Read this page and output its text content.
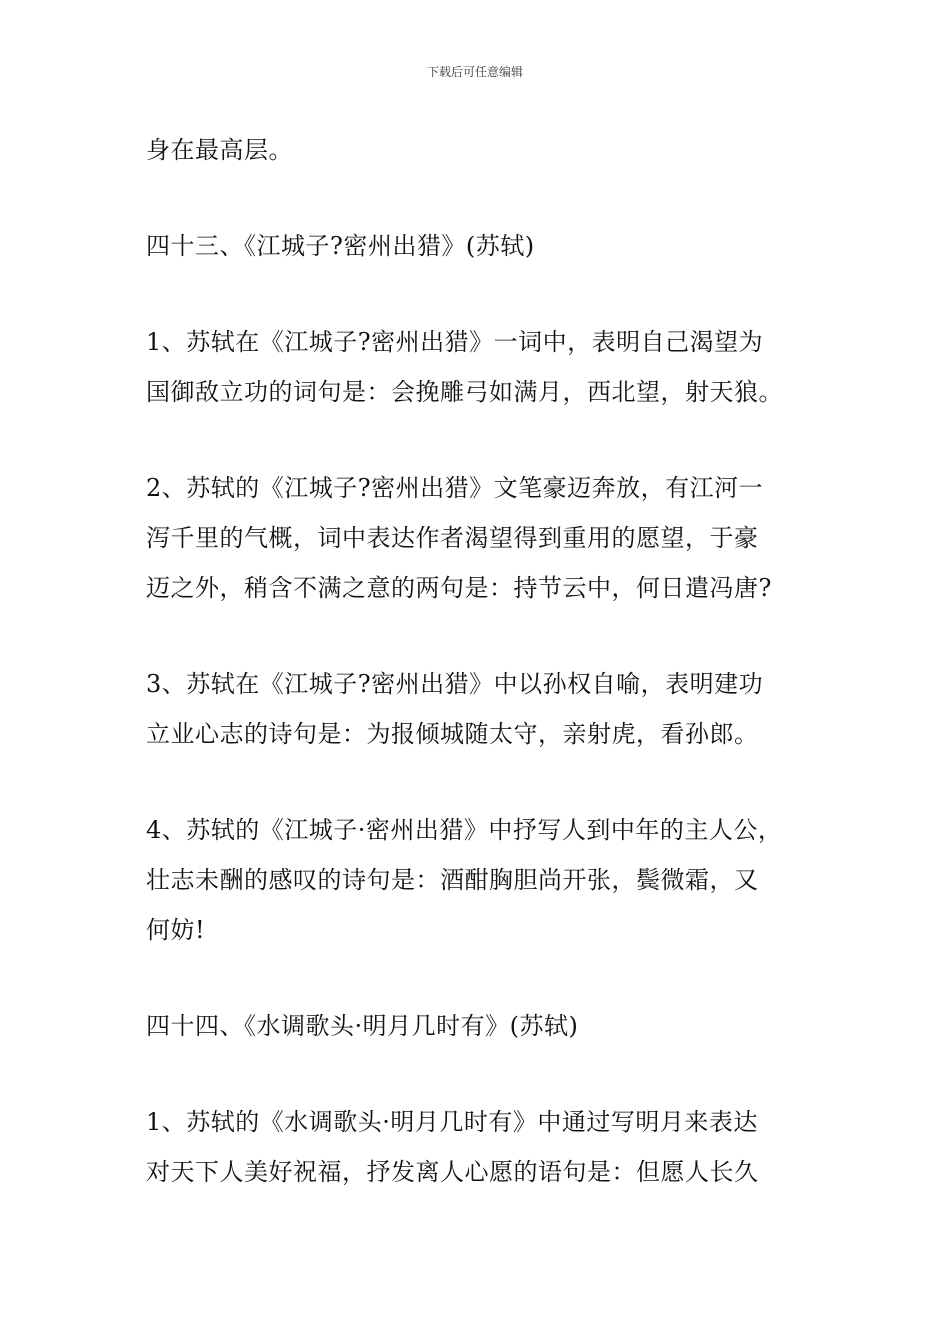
下载后可任意编辑

身在最高层。

四十三、《江城子?密州出猎》(苏轼)

1、苏轼在《江城子?密州出猎》一词中，表明自己渴望为
国御敌立功的词句是：会挽雕弓如满月，西北望，射天狼。

2、苏轼的《江城子?密州出猎》文笔豪迈奔放，有江河一
泻千里的气概，词中表达作者渴望得到重用的愿望，于豪
迈之外，稍含不满之意的两句是：持节云中，何日遣冯唐?

3、苏轼在《江城子?密州出猎》中以孙权自喻，表明建功
立业心志的诗句是：为报倾城随太守，亲射虎，看孙郎。

4、苏轼的《江城子·密州出猎》中抒写人到中年的主人公，
壮志未酬的感叹的诗句是：酒酣胸胆尚开张，鬓微霜，又
何妨!

四十四、《水调歌头·明月几时有》(苏轼)

1、苏轼的《水调歌头·明月几时有》中通过写明月来表达
对天下人美好祝福，抒发离人心愿的语句是：但愿人长久
